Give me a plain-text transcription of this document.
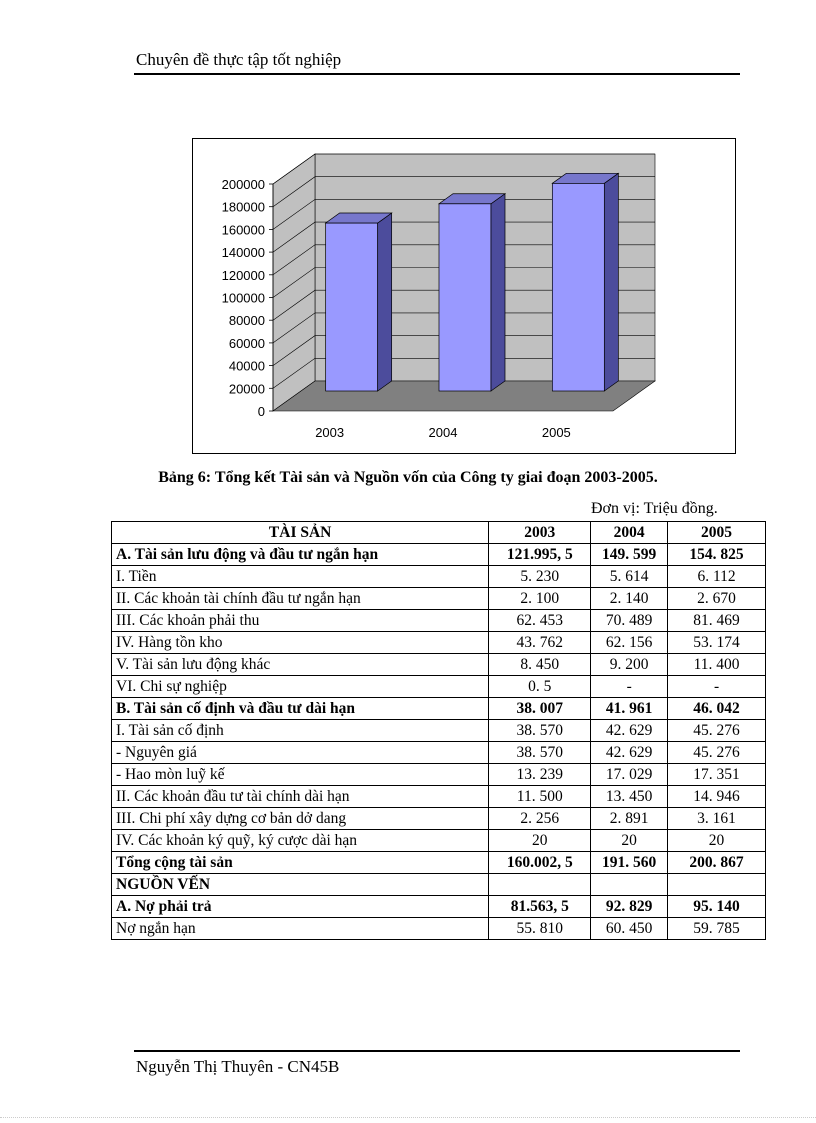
Chuyên đề thực tập tốt nghiệp
0
20000
40000
60000
80000
100000
120000
140000
160000
180000
200000
2003	2004	2005
Bảng 6: Tổng kết Tài sản và Nguồn vốn của Công ty giai đoạn 2003-2005.
Đơn vị: Triệu đồng.
TÀI SẢN	2003	2004	2005
A. Tài sản lưu động và đầu tư ngắn hạn	121.995, 5	149. 599	154. 825
I. Tiền	5. 230	5. 614	6. 112
II. Các khoản tài chính đầu tư ngắn hạn	2. 100	2. 140	2. 670
III. Các khoản phải thu	62. 453	70. 489	81. 469
IV. Hàng tồn kho	43. 762	62. 156	53. 174
V. Tài sản lưu động khác	8. 450	9. 200	11. 400
VI. Chi sự nghiệp	0. 5	-	-
B. Tài sản cố định và đầu tư dài hạn	38. 007	41. 961	46. 042
I. Tài sản cố định	38. 570	42. 629	45. 276
- Nguyên giá	38. 570	42. 629	45. 276
- Hao mòn luỹ kế	13. 239	17. 029	17. 351
II. Các khoản đầu tư tài chính dài hạn	11. 500	13. 450	14. 946
III. Chi phí xây dựng cơ bản dở dang	2. 256	2. 891	3. 161
IV. Các khoản ký quỹ, ký cược dài hạn	20	20	20
Tổng cộng tài sản	160.002, 5	191. 560	200. 867
NGUỒN VẾN			
A. Nợ phải trả	81.563, 5	92. 829	95. 140
Nợ ngắn hạn	55. 810	60. 450	59. 785
Nguyễn Thị Thuyên - CN45B
